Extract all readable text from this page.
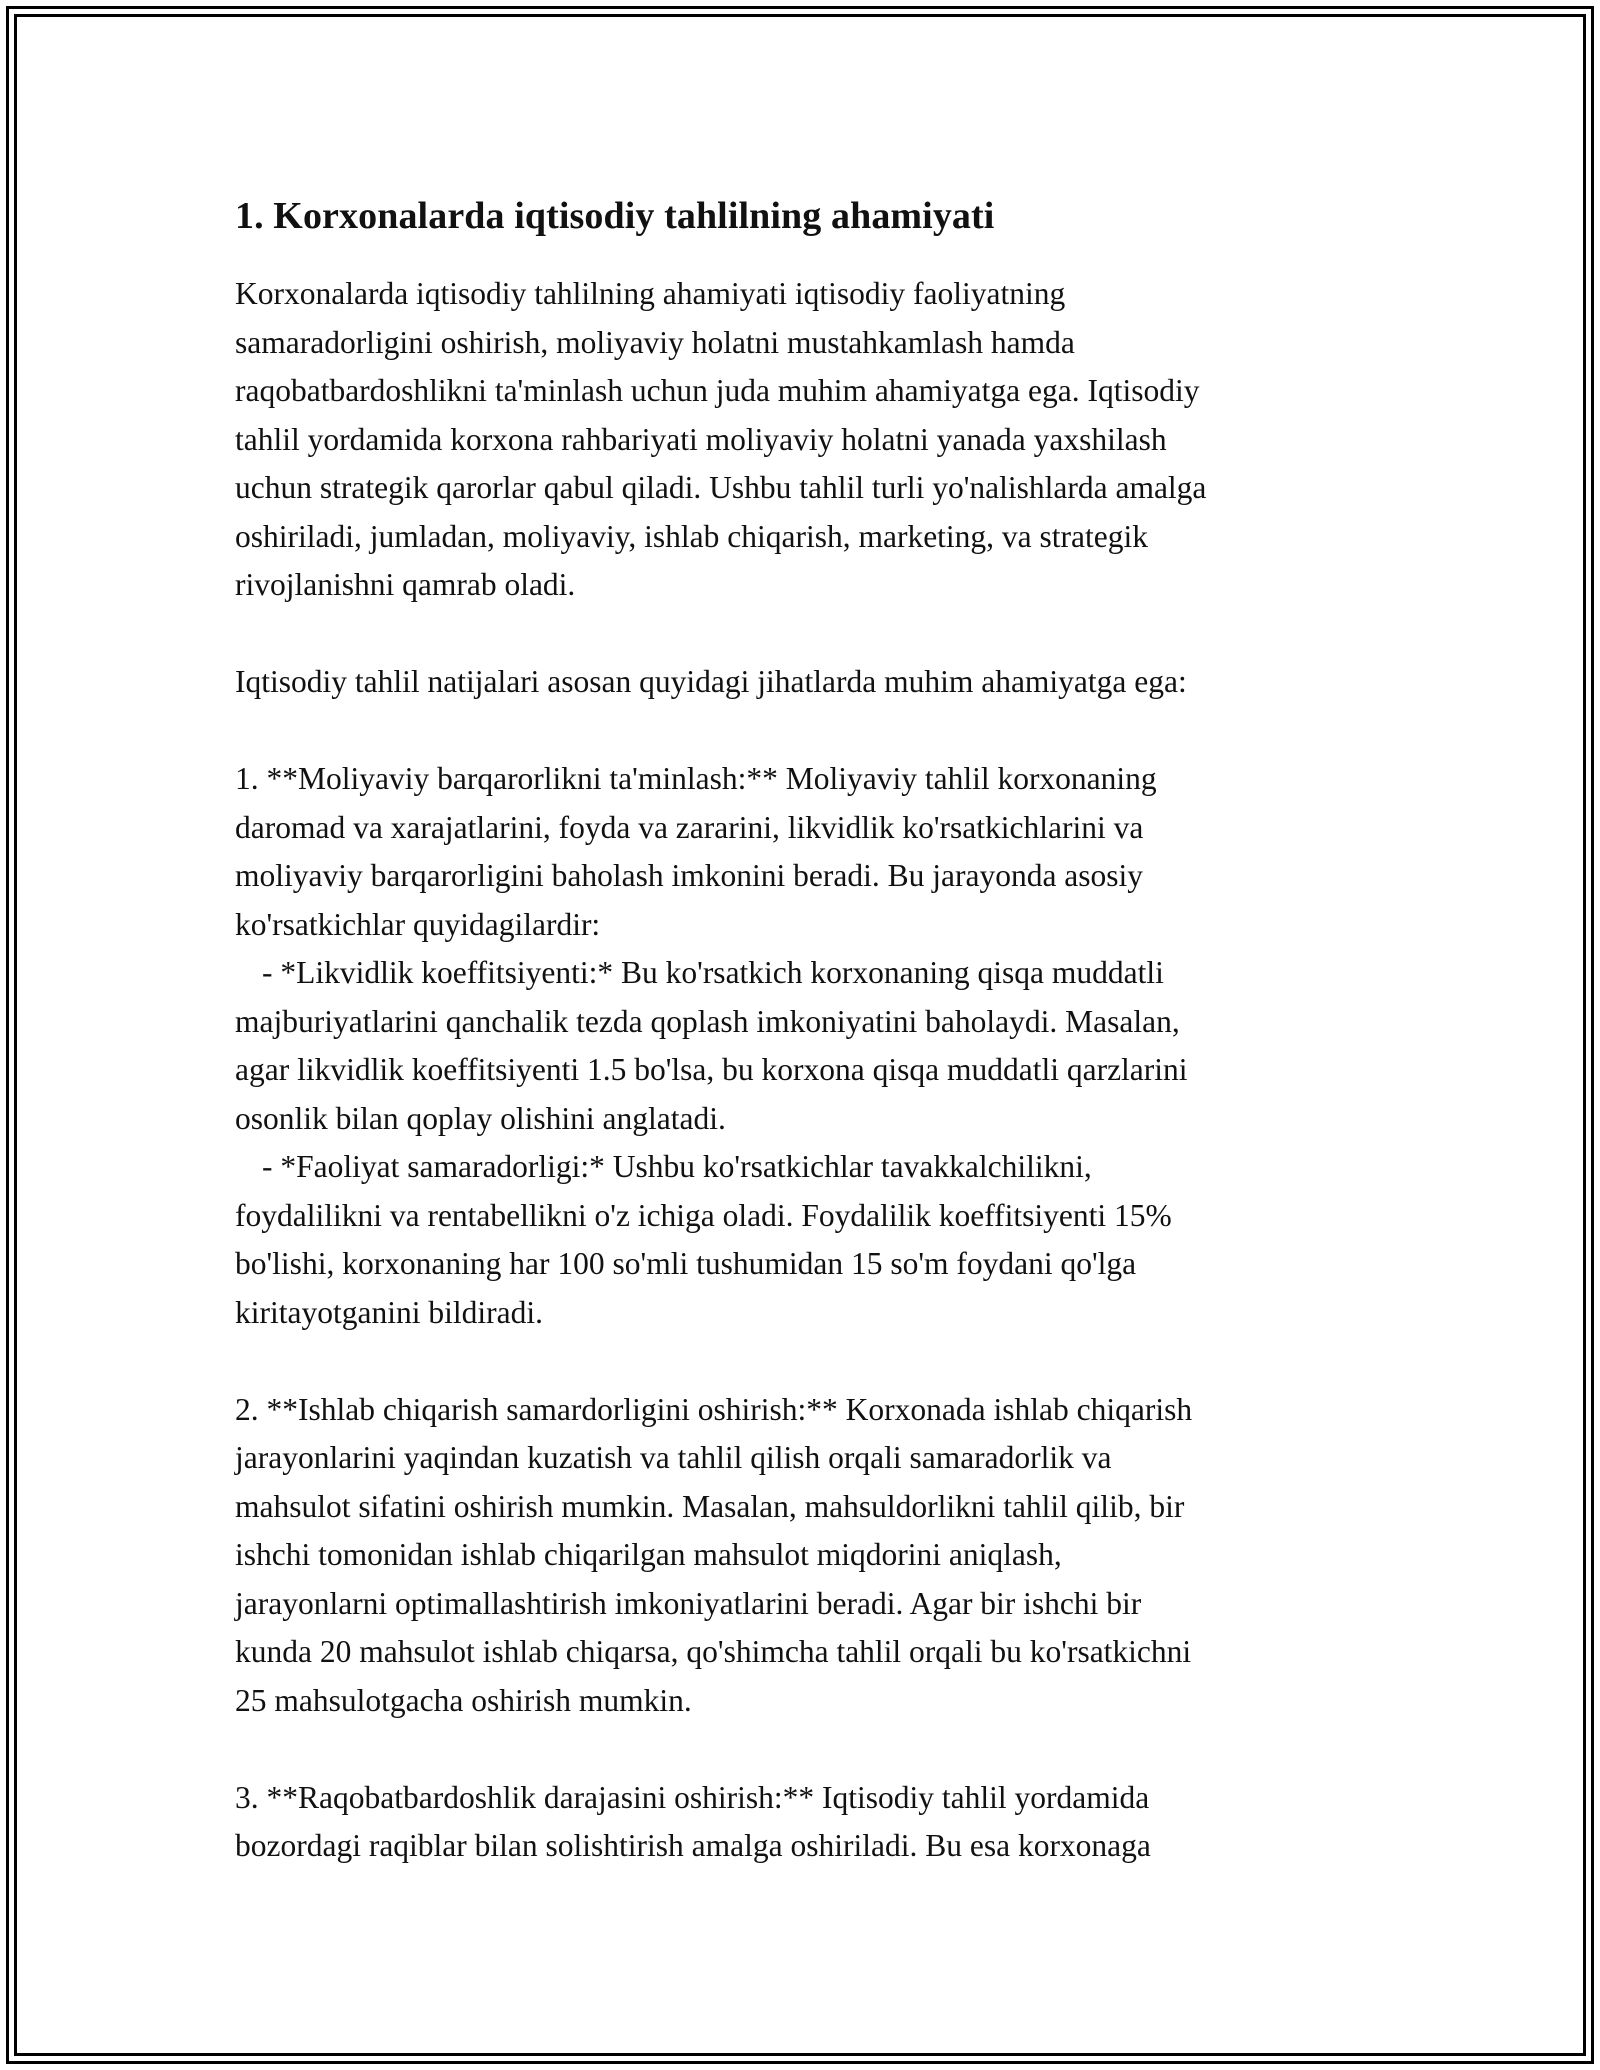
1. Korxonalarda iqtisodiy tahlilning ahamiyati

Korxonalarda iqtisodiy tahlilning ahamiyati iqtisodiy faoliyatning
samaradorligini oshirish, moliyaviy holatni mustahkamlash hamda
raqobatbardoshlikni ta'minlash uchun juda muhim ahamiyatga ega. Iqtisodiy
tahlil yordamida korxona rahbariyati moliyaviy holatni yanada yaxshilash
uchun strategik qarorlar qabul qiladi. Ushbu tahlil turli yo'nalishlarda amalga
oshiriladi, jumladan, moliyaviy, ishlab chiqarish, marketing, va strategik
rivojlanishni qamrab oladi.

Iqtisodiy tahlil natijalari asosan quyidagi jihatlarda muhim ahamiyatga ega:

1. **Moliyaviy barqarorlikni ta'minlash:** Moliyaviy tahlil korxonaning
daromad va xarajatlarini, foyda va zararini, likvidlik ko'rsatkichlarini va
moliyaviy barqarorligini baholash imkonini beradi. Bu jarayonda asosiy
ko'rsatkichlar quyidagilardir:
- *Likvidlik koeffitsiyenti:* Bu ko'rsatkich korxonaning qisqa muddatli
majburiyatlarini qanchalik tezda qoplash imkoniyatini baholaydi. Masalan,
agar likvidlik koeffitsiyenti 1.5 bo'lsa, bu korxona qisqa muddatli qarzlarini
osonlik bilan qoplay olishini anglatadi.
- *Faoliyat samaradorligi:* Ushbu ko'rsatkichlar tavakkalchilikni,
foydalilikni va rentabellikni o'z ichiga oladi. Foydalilik koeffitsiyenti 15%
bo'lishi, korxonaning har 100 so'mli tushumidan 15 so'm foydani qo'lga
kiritayotganini bildiradi.

2. **Ishlab chiqarish samardorligini oshirish:** Korxonada ishlab chiqarish
jarayonlarini yaqindan kuzatish va tahlil qilish orqali samaradorlik va
mahsulot sifatini oshirish mumkin. Masalan, mahsuldorlikni tahlil qilib, bir
ishchi tomonidan ishlab chiqarilgan mahsulot miqdorini aniqlash,
jarayonlarni optimallashtirish imkoniyatlarini beradi. Agar bir ishchi bir
kunda 20 mahsulot ishlab chiqarsa, qo'shimcha tahlil orqali bu ko'rsatkichni
25 mahsulotgacha oshirish mumkin.

3. **Raqobatbardoshlik darajasini oshirish:** Iqtisodiy tahlil yordamida
bozordagi raqiblar bilan solishtirish amalga oshiriladi. Bu esa korxonaga
